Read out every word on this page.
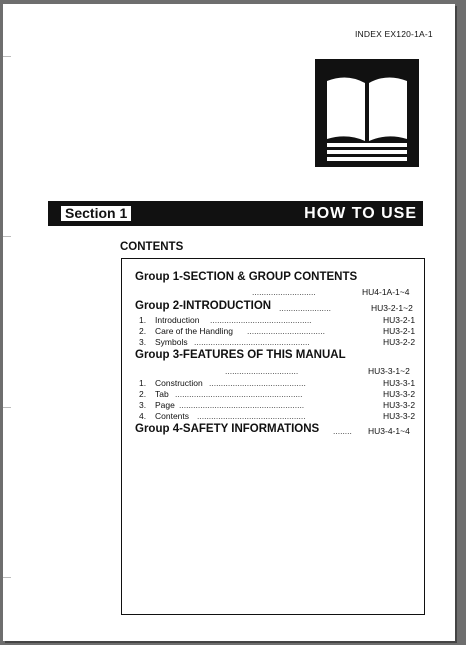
INDEX EX120-1A-1
Section 1	HOW TO USE
CONTENTS
Group 1-SECTION & GROUP CONTENTS
...........................	HU4-1A-1~4
Group 2-INTRODUCTION ......................	HU3-2-1~2
1. Introduction ...........................................	HU3-2-1
2. Care of the Handling .................................	HU3-2-1
3. Symbols .................................................	HU3-2-2
Group 3-FEATURES OF THIS MANUAL
...............................	HU3-3-1~2
1. Construction .........................................	HU3-3-1
2. Tab ......................................................	HU3-3-2
3. Page .....................................................	HU3-3-2
4. Contents ..............................................	HU3-3-2
Group 4-SAFETY INFORMATIONS	........ HU3-4-1~4
